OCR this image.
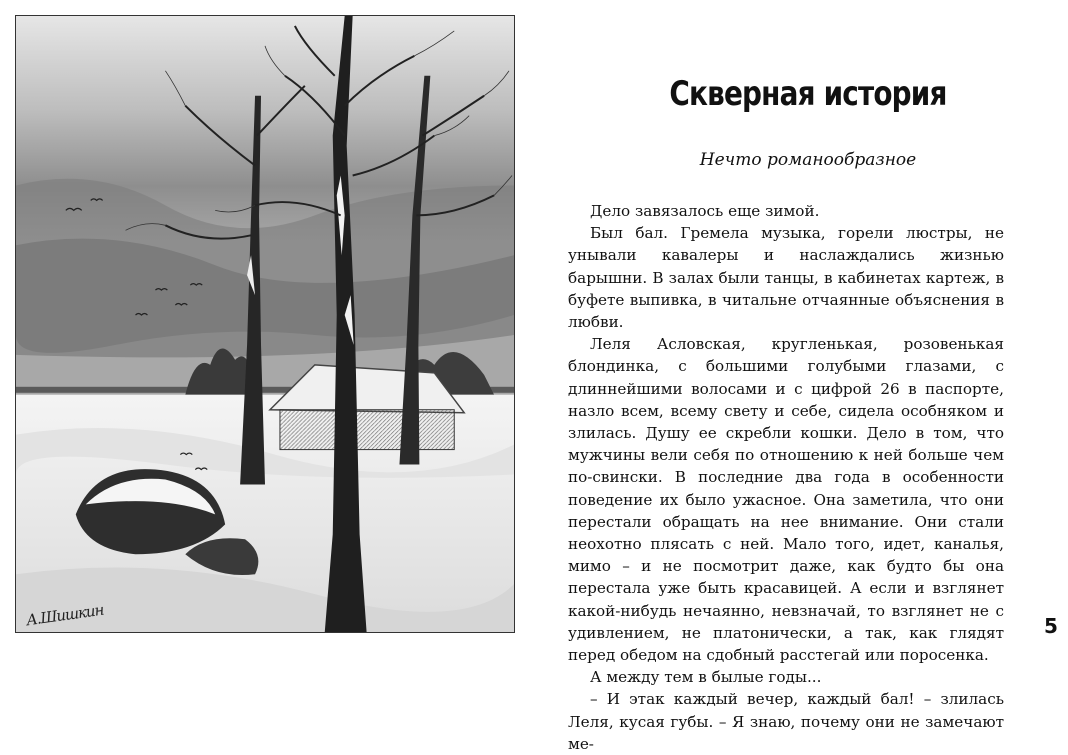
А.Шишкин
Скверная история

Нечто романообразное

Дело завязалось еще зимой.

Был бал. Гремела музыка, горели люстры, не унывали кавалеры и наслаждались жизнью барышни. В залах были танцы, в кабинетах картеж, в буфете выпивка, в читальне отчаянные объяснения в любви.

Леля Асловская, кругленькая, розовенькая блондинка, с большими голубыми глазами, с длиннейшими волосами и с цифрой 26 в паспорте, назло всем, всему свету и себе, сидела особняком и злилась. Душу ее скребли кошки. Дело в том, что мужчины вели себя по отношению к ней больше чем по-свински. В последние два года в особенности поведение их было ужасное. Она заметила, что они перестали обращать на нее внимание. Они стали неохотно плясать с ней. Мало того, идет, каналья, мимо – и не посмотрит даже, как будто бы она перестала уже быть красавицей. А если и взглянет какой-нибудь нечаянно, невзначай, то взглянет не с удивлением, не платонически, а так, как глядят перед обедом на сдобный расстегай или поросенка.

А между тем в былые годы...

– И этак каждый вечер, каждый бал! – злилась Леля, кусая губы. – Я знаю, почему они не замечают ме-

5
